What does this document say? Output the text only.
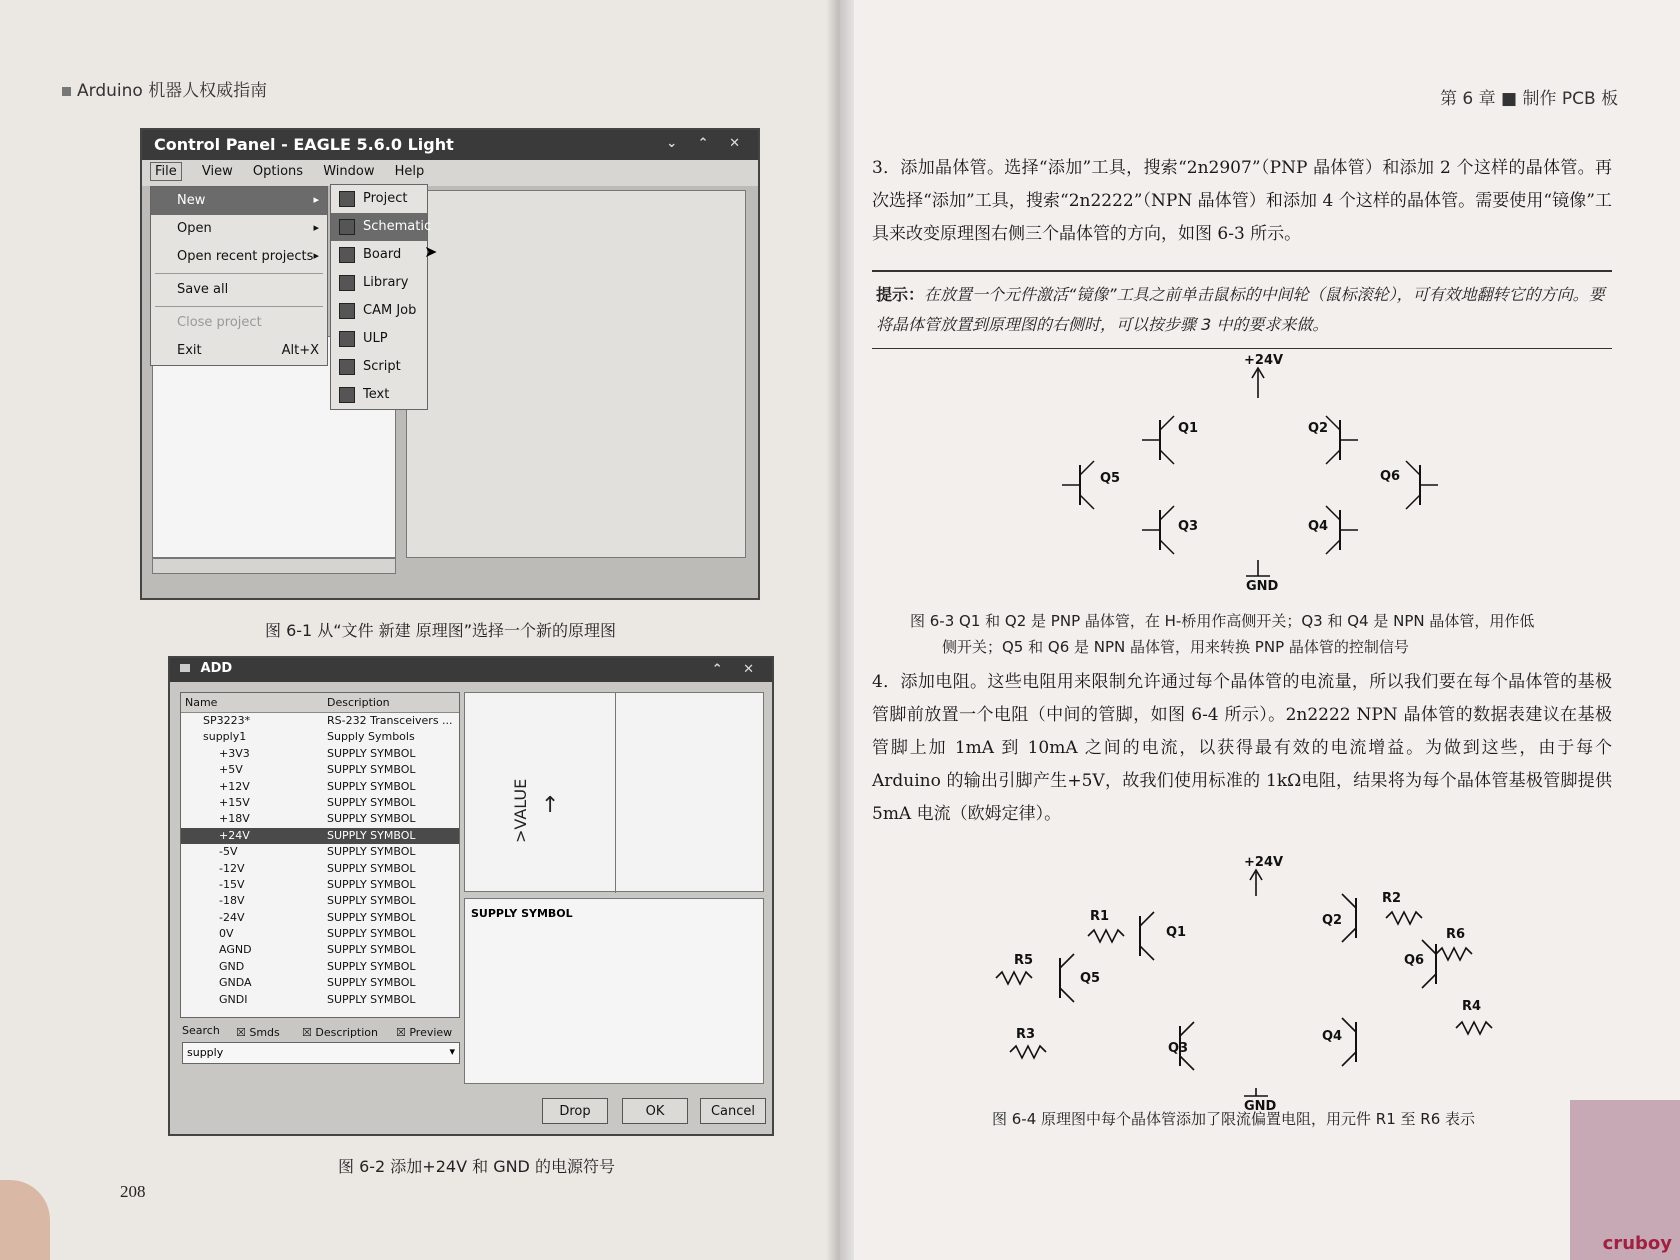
Arduino 机器人权威指南
Control Panel - EAGLE 5.6.0 Light	⌄ ⌃ ✕
File View Options Window Help
New	▸
Open	▸
Open recent projects ▸
Save all
Close project
Exit	Alt+X
Project
Schematic
Board
Library
CAM Job
ULP
Script
Text
➤
图 6-1 从“文件 新建 原理图”选择一个新的原理图
ADD	⌃ ✕
Name	Description
SP3223*	RS-232 Transceivers ...
supply1	Supply Symbols
+3V3	SUPPLY SYMBOL
+5V	SUPPLY SYMBOL
+12V	SUPPLY SYMBOL
+15V	SUPPLY SYMBOL
+18V	SUPPLY SYMBOL
+24V	SUPPLY SYMBOL
-5V	SUPPLY SYMBOL
-12V	SUPPLY SYMBOL
-15V	SUPPLY SYMBOL
-18V	SUPPLY SYMBOL
-24V	SUPPLY SYMBOL
0V	SUPPLY SYMBOL
AGND	SUPPLY SYMBOL
GND	SUPPLY SYMBOL
GNDA	SUPPLY SYMBOL
GNDI	SUPPLY SYMBOL
>VALUE ↑
SUPPLY SYMBOL
Search ☒ Smds ☒ Description ☒ Preview
supply	▾
Drop	OK	Cancel
图 6-2 添加+24V 和 GND 的电源符号
208
第 6 章 ■ 制作 PCB 板
3．添加晶体管。选择“添加”工具，搜索“2n2907”（PNP 晶体管）和添加 2 个这样的晶体管。再次选择“添加”工具，搜索“2n2222”（NPN 晶体管）和添加 4 个这样的晶体管。需要使用“镜像”工具来改变原理图右侧三个晶体管的方向，如图 6-3 所示。
提示：在放置一个元件激活“镜像”工具之前单击鼠标的中间轮（鼠标滚轮），可有效地翻转它的方向。要将晶体管放置到原理图的右侧时，可以按步骤 3 中的要求来做。
+24V
GND
Q1	Q2
Q3	Q4
Q5	Q6
图 6-3 Q1 和 Q2 是 PNP 晶体管，在 H-桥用作高侧开关；Q3 和 Q4 是 NPN 晶体管，用作低
侧开关；Q5 和 Q6 是 NPN 晶体管，用来转换 PNP 晶体管的控制信号
4．添加电阻。这些电阻用来限制允许通过每个晶体管的电流量，所以我们要在每个晶体管的基极管脚前放置一个电阻（中间的管脚，如图 6-4 所示）。2n2222 NPN 晶体管的数据表建议在基极管脚上加 1mA 到 10mA 之间的电流，以获得最有效的电流增益。为做到这些，由于每个 Arduino 的输出引脚产生+5V，故我们使用标准的 1kΩ电阻，结果将为每个晶体管基极管脚提供 5mA 电流（欧姆定律）。
+24V
GND
Q1
Q2
Q3
Q4
Q5
Q6
R1
R2
R3
R4
R5
R6
图 6-4 原理图中每个晶体管添加了限流偏置电阻，用元件 R1 至 R6 表示
cruboy
